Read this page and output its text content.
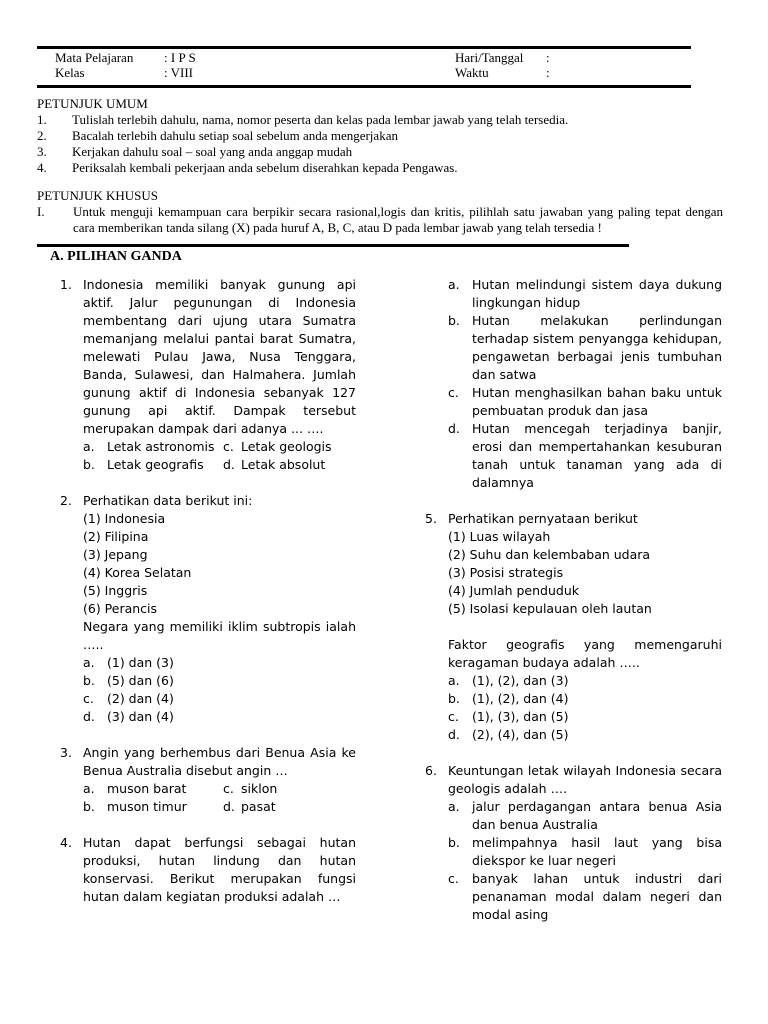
Mata Pelajaran : I P S
Kelas	: VIII
Hari/Tanggal :
Waktu	:
PETUNJUK UMUM
1. Tulislah terlebih dahulu, nama, nomor peserta dan kelas pada lembar jawab yang telah tersedia.
2. Bacalah terlebih dahulu setiap soal sebelum anda mengerjakan
3. Kerjakan dahulu soal – soal yang anda anggap mudah
4. Periksalah kembali pekerjaan anda sebelum diserahkan kepada Pengawas.
PETUNJUK KHUSUS
I. Untuk menguji kemampuan cara berpikir secara rasional,logis dan kritis, pilihlah satu jawaban yang paling tepat dengan cara memberikan tanda silang (X) pada huruf A, B, C, atau D pada lembar jawab yang telah tersedia !
A. PILIHAN GANDA
1. Indonesia memiliki banyak gunung api aktif. Jalur pegunungan di Indonesia membentang dari ujung utara Sumatra memanjang melalui pantai barat Sumatra, melewati Pulau Jawa, Nusa Tenggara, Banda, Sulawesi, dan Halmahera. Jumlah gunung aktif di Indonesia sebanyak 127 gunung api aktif. Dampak tersebut merupakan dampak dari adanya ... ….

a. Letak astronomis c. Letak geologis
b. Letak geografis	d. Letak absolut
2. Perhatikan data berikut ini:

(1) Indonesia

(2) Filipina

(3) Jepang

(4) Korea Selatan

(5) Inggris

(6) Perancis

Negara yang memiliki iklim subtropis ialah …..

a. (1) dan (3)
b. (5) dan (6)
c. (2) dan (4)
d. (3) dan (4)
3. Angin yang berhembus dari Benua Asia ke Benua Australia disebut angin …

a. muson barat	c. siklon
b. muson timur	d. pasat
4. Hutan dapat berfungsi sebagai hutan produksi, hutan lindung dan hutan konservasi. Berikut merupakan fungsi hutan dalam kegiatan produksi adalah …

a. Hutan melindungi sistem daya dukung lingkungan hidup
b. Hutan melakukan perlindungan terhadap sistem penyangga kehidupan, pengawetan berbagai jenis tumbuhan dan satwa
c. Hutan menghasilkan bahan baku untuk pembuatan produk dan jasa
d. Hutan mencegah terjadinya banjir, erosi dan mempertahankan kesuburan tanah untuk tanaman yang ada di dalamnya
5. Perhatikan pernyataan berikut

(1) Luas wilayah

(2) Suhu dan kelembaban udara

(3) Posisi strategis

(4) Jumlah penduduk

(5) Isolasi kepulauan oleh lautan

Faktor geografis yang memengaruhi keragaman budaya adalah …..

a. (1), (2), dan (3)
b. (1), (2), dan (4)
c. (1), (3), dan (5)
d. (2), (4), dan (5)
6. Keuntungan letak wilayah Indonesia secara geologis adalah ….

a. jalur perdagangan antara benua Asia dan benua Australia
b. melimpahnya hasil laut yang bisa diekspor ke luar negeri
c. banyak lahan untuk industri dari penanaman modal dalam negeri dan modal asing
